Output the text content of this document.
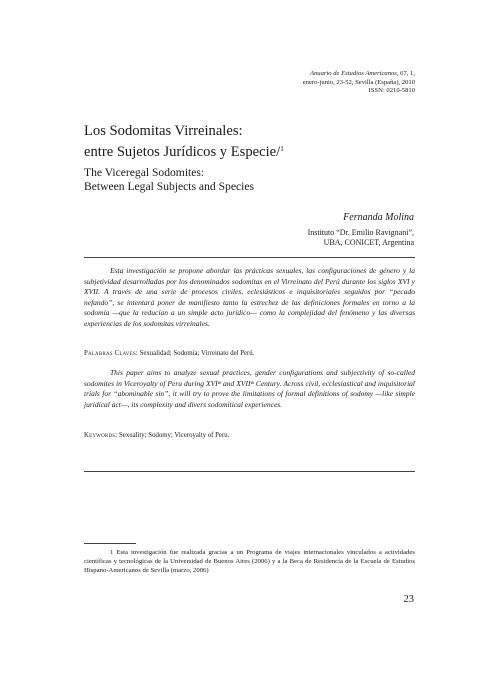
Anuario de Estudios Americanos, 67, 1,
enero-junio, 23-52, Sevilla (España), 2010
ISSN: 0210-5810
Los Sodomitas Virreinales:
entre Sujetos Jurídicos y Especie/$^1$
The Viceregal Sodomites:
Between Legal Subjects and Species
Fernanda Molina
Instituto “Dr. Emilio Ravignani”,
UBA, CONICET, Argentina

Esta investigación se propone abordar las prácticas sexuales, las configuraciones de género y la subjetividad desarrolladas por los denominados sodomitas en el Virreinato del Perú durante los siglos XVI y XVII. A través de una serie de procesos civiles, eclesiásticos e inquisitoriales seguidos por “pecado nefando”, se intentará poner de manifiesto tanto la estrechez de las definiciones formales en torno a la sodomía —que la reducían a un simple acto jurídico— como la complejidad del fenómeno y las diversas experiencias de los sodomitas virreinales.

Palabras Claves: Sexualidad; Sodomía; Virreinato del Perú.

This paper aims to analyze sexual practices, gender configurations and subjectivity of so-called sodomites in Viceroyalty of Peru during XVIᵗʰ and XVIIᵗʰ Century. Across civil, ecclesiastical and inquisitorial trials for “abominable sin”, it will try to prove the limitations of formal definitions of sodomy —like simple juridical act—, its complexity and divers sodomitical experiences.

Keywords: Sexuality; Sodomy; Viceroyalty of Peru.
1 Esta investigación fue realizada gracias a un Programa de viajes internacionales vinculados a actividades científicas y tecnológicas de la Universidad de Buenos Aires (2006) y a la Beca de Residencia de la Escuela de Estudios Hispano-Americanos de Sevilla (marzo, 2006)
23
